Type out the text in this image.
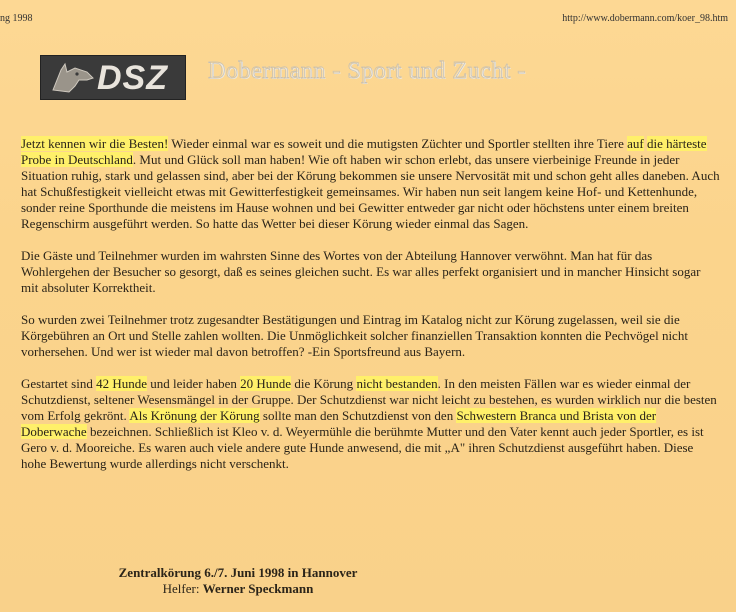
ng 1998	http://www.dobermann.com/koer_98.htm
DSZ Dobermann - Sport und Zucht -

Jetzt kennen wir die Besten! Wieder einmal war es soweit und die mutigsten Züchter und Sportler stellten ihre Tiere auf die härteste Probe in Deutschland. Mut und Glück soll man haben! Wie oft haben wir schon erlebt, das unsere vierbeinige Freunde in jeder Situation ruhig, stark und gelassen sind, aber bei der Körung bekommen sie unsere Nervosität mit und schon geht alles daneben. Auch hat Schußfestigkeit vielleicht etwas mit Gewitterfestigkeit gemeinsames. Wir haben nun seit langem keine Hof- und Kettenhunde, sonder reine Sporthunde die meistens im Hause wohnen und bei Gewitter entweder gar nicht oder höchstens unter einem breiten Regenschirm ausgeführt werden. So hatte das Wetter bei dieser Körung wieder einmal das Sagen.

Die Gäste und Teilnehmer wurden im wahrsten Sinne des Wortes von der Abteilung Hannover verwöhnt. Man hat für das Wohlergehen der Besucher so gesorgt, daß es seines gleichen sucht. Es war alles perfekt organisiert und in mancher Hinsicht sogar mit absoluter Korrektheit.

So wurden zwei Teilnehmer trotz zugesandter Bestätigungen und Eintrag im Katalog nicht zur Körung zugelassen, weil sie die Körgebühren an Ort und Stelle zahlen wollten. Die Unmöglichkeit solcher finanziellen Transaktion konnten die Pechvögel nicht vorhersehen. Und wer ist wieder mal davon betroffen? -Ein Sportsfreund aus Bayern.

Gestartet sind 42 Hunde und leider haben 20 Hunde die Körung nicht bestanden. In den meisten Fällen war es wieder einmal der Schutzdienst, seltener Wesensmängel in der Gruppe. Der Schutzdienst war nicht leicht zu bestehen, es wurden wirklich nur die besten vom Erfolg gekrönt. Als Krönung der Körung sollte man den Schutzdienst von den Schwestern Branca und Brista von der Doberwache bezeichnen. Schließlich ist Kleo v. d. Weyermühle die berühmte Mutter und den Vater kennt auch jeder Sportler, es ist Gero v. d. Mooreiche. Es waren auch viele andere gute Hunde anwesend, die mit „A" ihren Schutzdienst ausgeführt haben. Diese hohe Bewertung wurde allerdings nicht verschenkt.

Zentralkörung 6./7. Juni 1998 in Hannover
Helfer: Werner Speckmann
